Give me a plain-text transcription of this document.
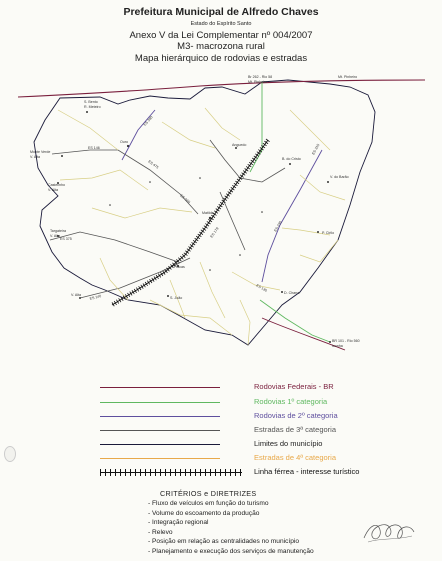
Prefeitura Municipal de Alfredo Chaves
Estado do Espírito Santo
Anexo V da Lei Complementar nº 004/2007
M3- macrozona rural
Mapa hierárquico de rodovias e estradas
S. Bento
R. Meteiro
Br 262 - Rio 58
Mt. Pinheiro
Mt. Pinheiro
Ouro
Monte Verde
V. Alta
Castelinho
V. Alta
Targateira
V. Alta
V. Alta
Anguedo
B. do Cristo
V. do Barão
Matilde
Placas
S. João
P. Cirilo
D. Charro
BR 101 - Rio 560
Iconha
ES 380
ES 146
ES 475
ES 060
ES 375
ES 179
ES 315
ES 230
ES 140
ES 130
Rodovias Federais - BR
Rodovias 1º categoria
Rodovias de 2º categoria
Estradas de 3ª categoria
Limites do município
Estradas de 4ª categoria
Linha férrea - interesse turístico
CRITÉRIOS e DIRETRIZES
- Fluxo de veículos em função do turismo
- Volume do escoamento da produção
- Integração regional
- Relevo
- Posição em relação as centralidades no município
- Planejamento e execução dos serviços de manutenção
